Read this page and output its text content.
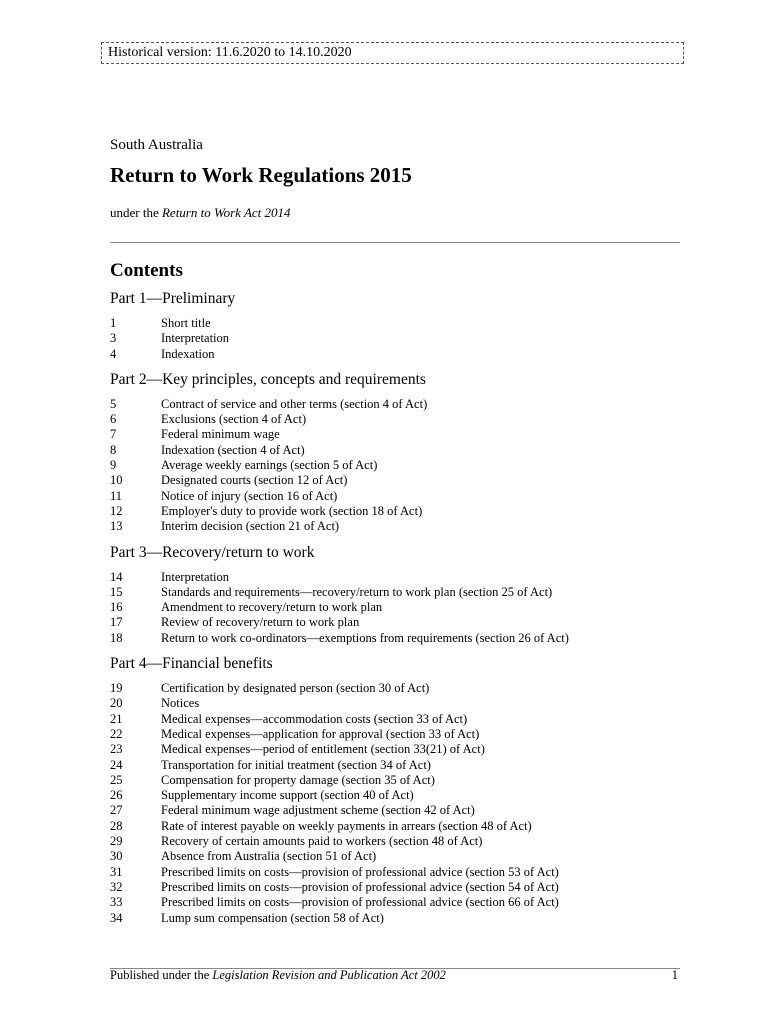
Historical version: 11.6.2020 to 14.10.2020
South Australia
Return to Work Regulations 2015
under the Return to Work Act 2014
Contents
Part 1—Preliminary
1	Short title
3	Interpretation
4	Indexation
Part 2—Key principles, concepts and requirements
5	Contract of service and other terms (section 4 of Act)
6	Exclusions (section 4 of Act)
7	Federal minimum wage
8	Indexation (section 4 of Act)
9	Average weekly earnings (section 5 of Act)
10	Designated courts (section 12 of Act)
11	Notice of injury (section 16 of Act)
12	Employer's duty to provide work (section 18 of Act)
13	Interim decision (section 21 of Act)
Part 3—Recovery/return to work
14	Interpretation
15	Standards and requirements—recovery/return to work plan (section 25 of Act)
16	Amendment to recovery/return to work plan
17	Review of recovery/return to work plan
18	Return to work co-ordinators—exemptions from requirements (section 26 of Act)
Part 4—Financial benefits
19	Certification by designated person (section 30 of Act)
20	Notices
21	Medical expenses—accommodation costs (section 33 of Act)
22	Medical expenses—application for approval (section 33 of Act)
23	Medical expenses—period of entitlement (section 33(21) of Act)
24	Transportation for initial treatment (section 34 of Act)
25	Compensation for property damage (section 35 of Act)
26	Supplementary income support (section 40 of Act)
27	Federal minimum wage adjustment scheme (section 42 of Act)
28	Rate of interest payable on weekly payments in arrears (section 48 of Act)
29	Recovery of certain amounts paid to workers (section 48 of Act)
30	Absence from Australia (section 51 of Act)
31	Prescribed limits on costs—provision of professional advice (section 53 of Act)
32	Prescribed limits on costs—provision of professional advice (section 54 of Act)
33	Prescribed limits on costs—provision of professional advice (section 66 of Act)
34	Lump sum compensation (section 58 of Act)
Published under the Legislation Revision and Publication Act 2002	1
